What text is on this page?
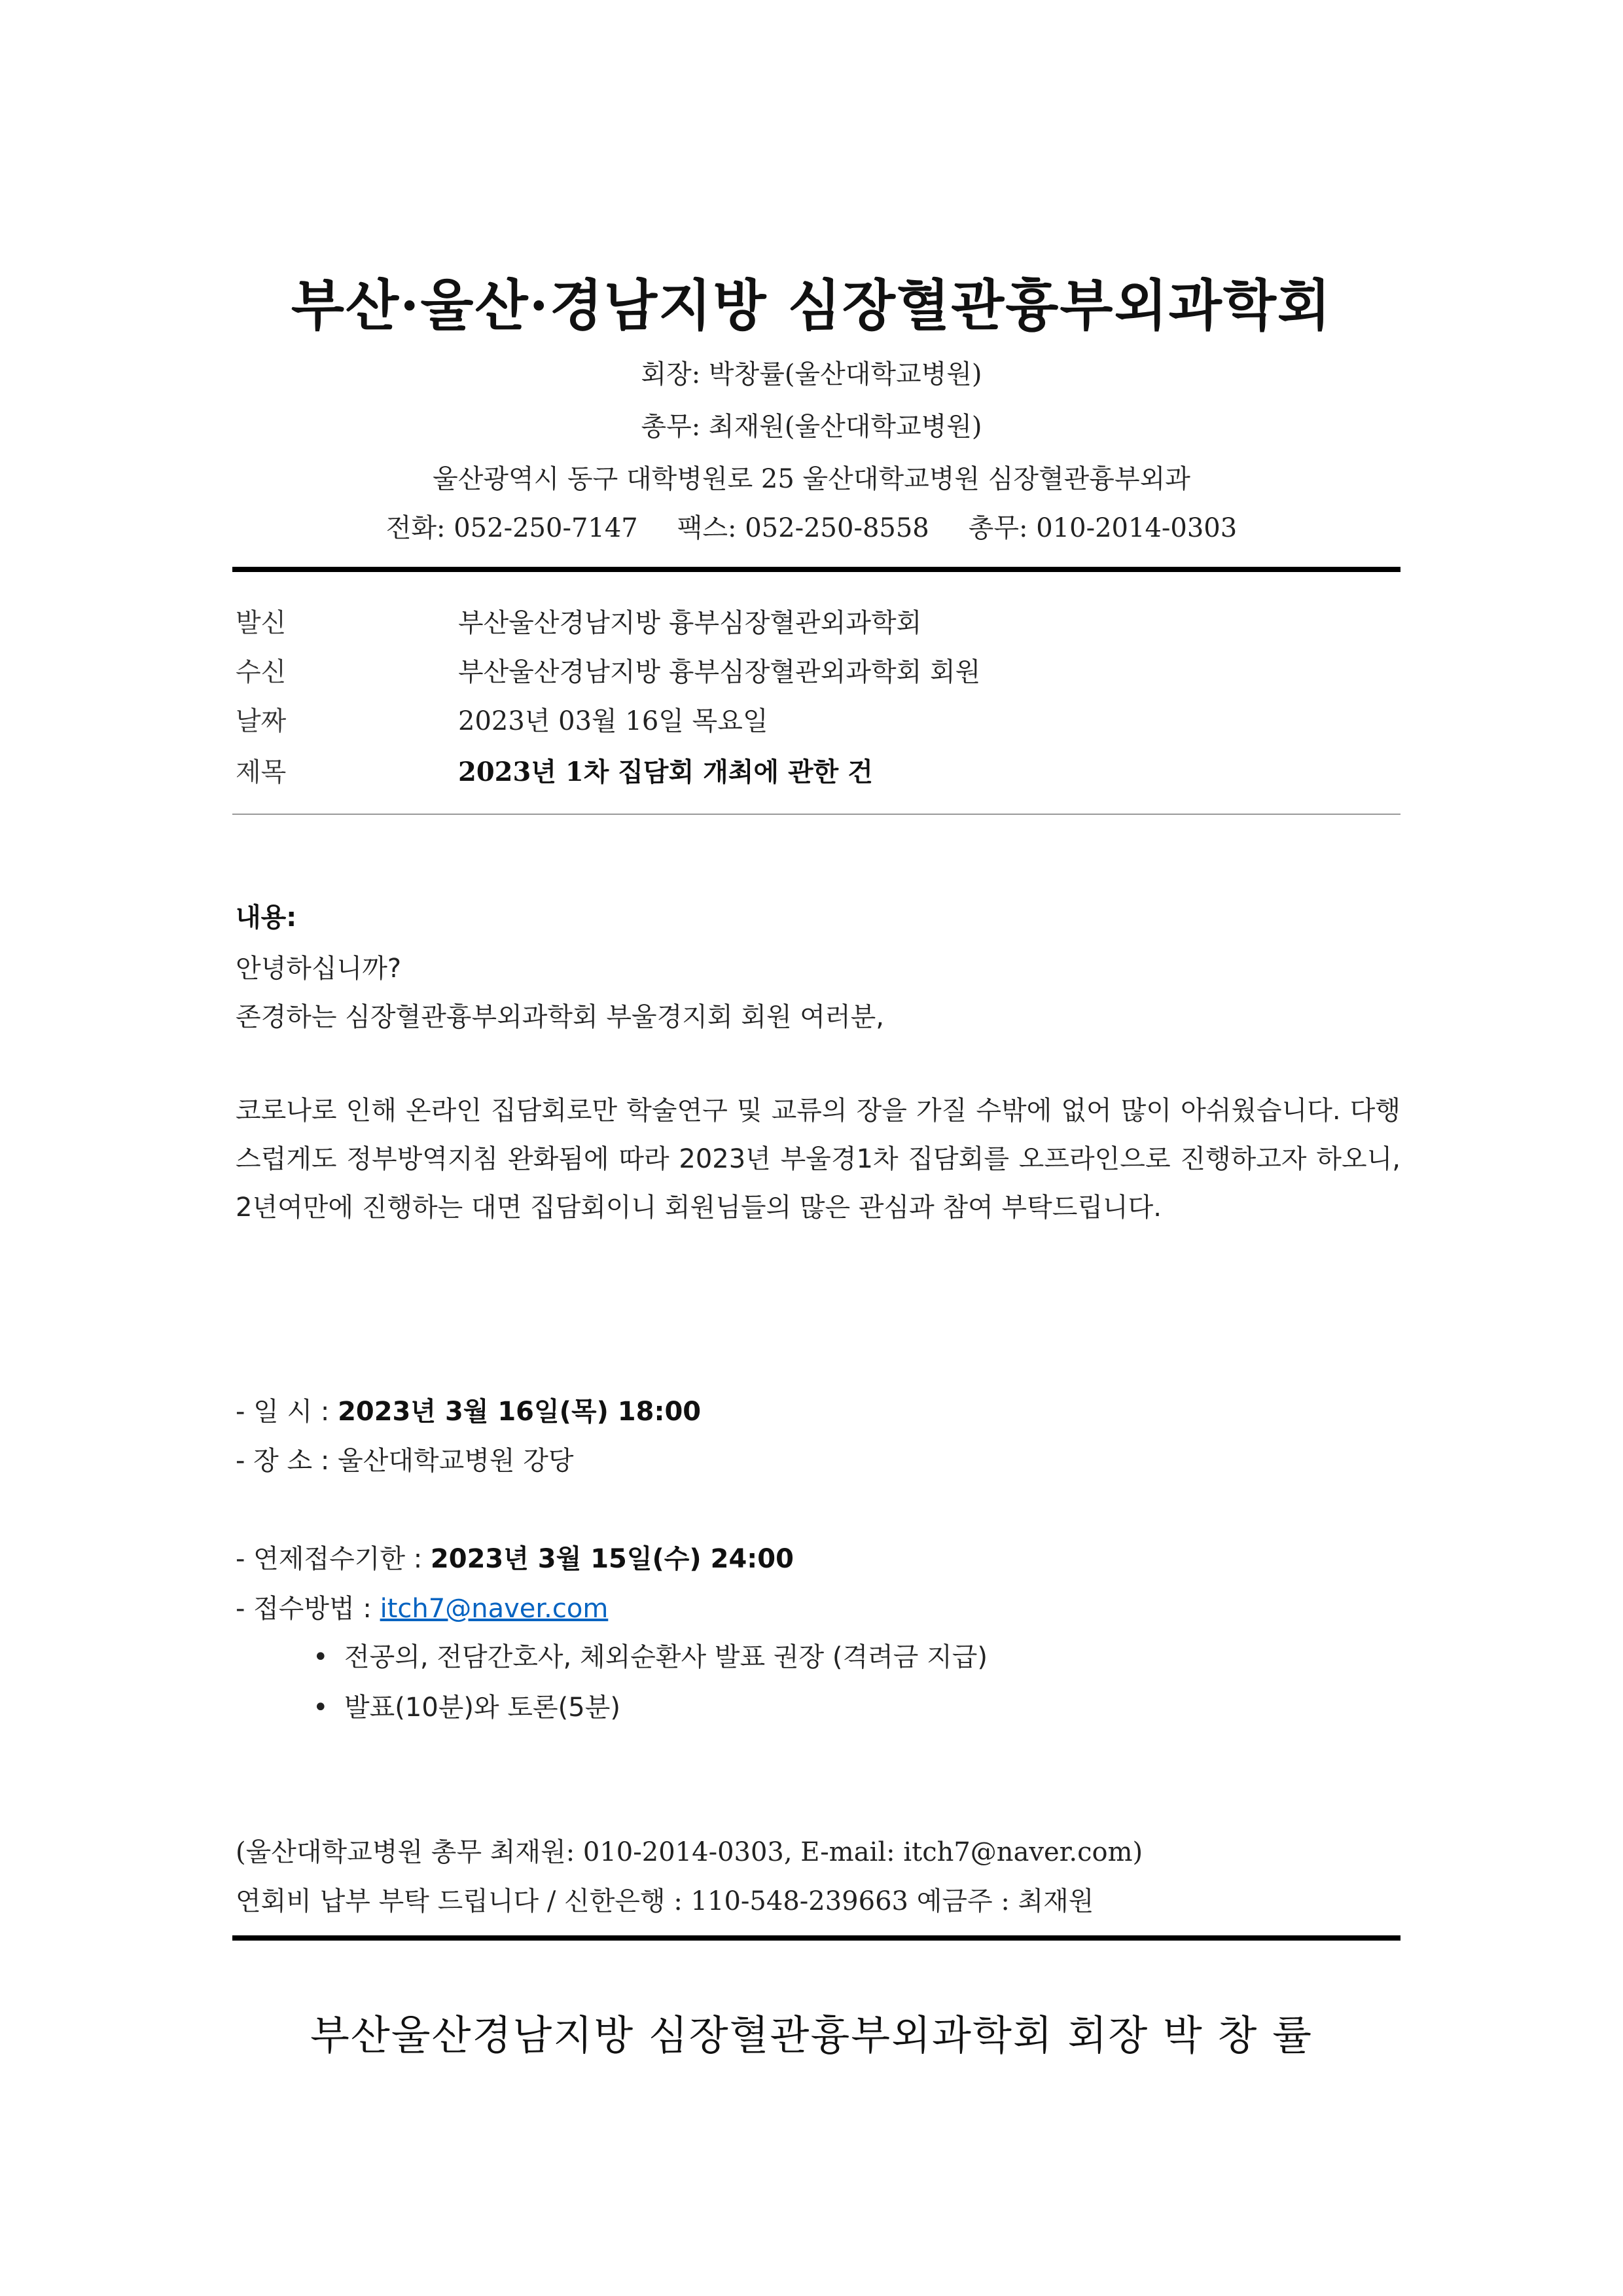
부산·울산·경남지방 심장혈관흉부외과학회
회장: 박창률(울산대학교병원)
총무: 최재원(울산대학교병원)
울산광역시 동구 대학병원로 25 울산대학교병원 심장혈관흉부외과
전화: 052-250-7147 팩스: 052-250-8558 총무: 010-2014-0303
발신	부산울산경남지방 흉부심장혈관외과학회
수신	부산울산경남지방 흉부심장혈관외과학회 회원
날짜	2023년 03월 16일 목요일
제목	2023년 1차 집담회 개최에 관한 건
내용:
안녕하십니까?
존경하는 심장혈관흉부외과학회 부울경지회 회원 여러분,
코로나로 인해 온라인 집담회로만 학술연구 및 교류의 장을 가질 수밖에 없어 많이 아쉬웠습니다. 다행스럽게도 정부방역지침 완화됨에 따라 2023년 부울경1차 집담회를 오프라인으로 진행하고자 하오니, 2년여만에 진행하는 대면 집담회이니 회원님들의 많은 관심과 참여 부탁드립니다.
- 일 시 : 2023년 3월 16일(목) 18:00
- 장 소 : 울산대학교병원 강당
- 연제접수기한 : 2023년 3월 15일(수) 24:00
- 접수방법 : itch7@naver.com
• 전공의, 전담간호사, 체외순환사 발표 권장 (격려금 지급)
• 발표(10분)와 토론(5분)
(울산대학교병원 총무 최재원: 010-2014-0303, E-mail: itch7@naver.com)
연회비 납부 부탁 드립니다 / 신한은행 : 110-548-239663 예금주 : 최재원
부산울산경남지방 심장혈관흉부외과학회 회장 박 창 률
